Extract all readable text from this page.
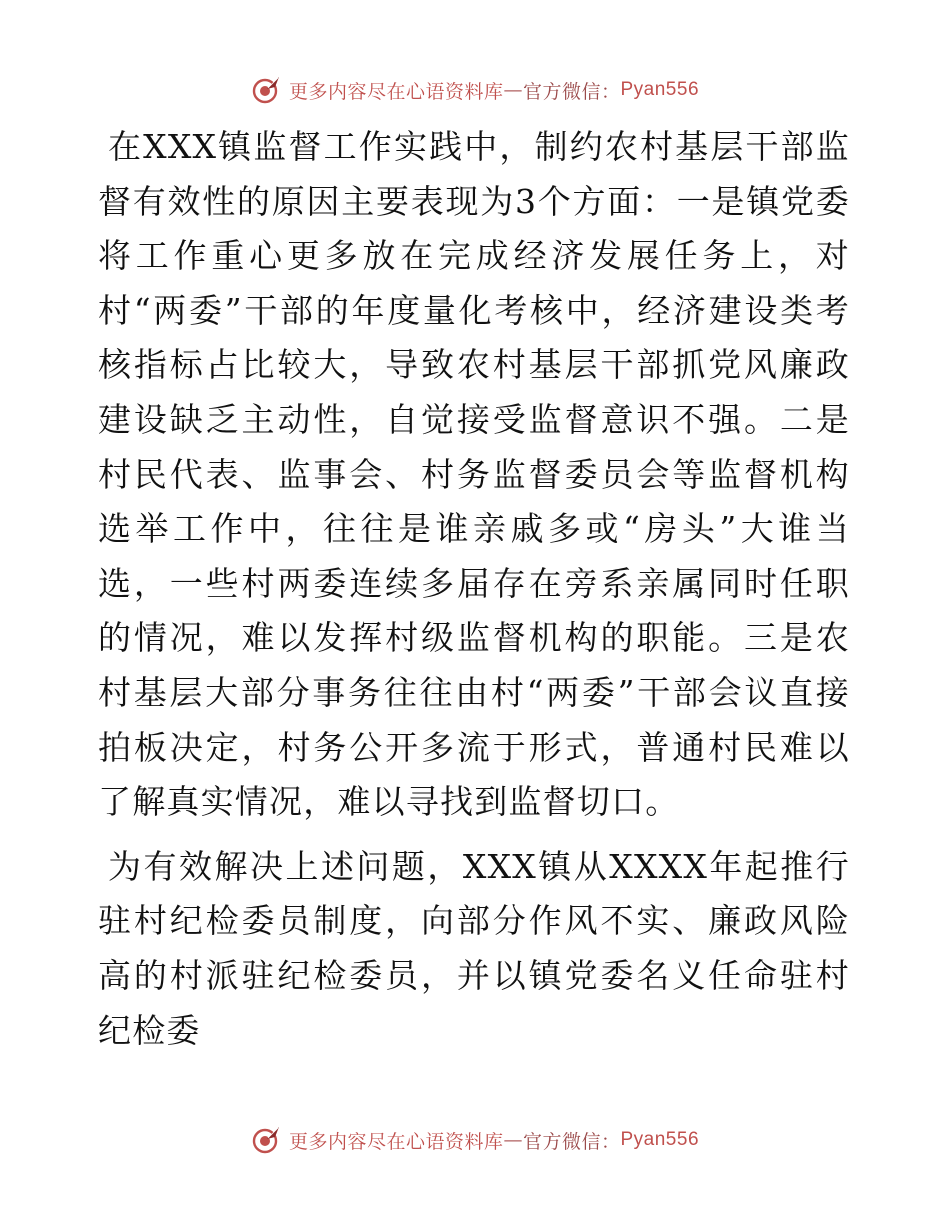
更多内容尽在心语资料库 — 官方微信： Pyan556

在XXX镇监督工作实践中，制约农村基层干部监督有效性的原因主要表现为3个方面：一是镇党委将工作重心更多放在完成经济发展任务上，对村“两委”干部的年度量化考核中，经济建设类考核指标占比较大，导致农村基层干部抓党风廉政建设缺乏主动性，自觉接受监督意识不强。二是村民代表、监事会、村务监督委员会等监督机构选举工作中，往往是谁亲戚多或“房头”大谁当选，一些村两委连续多届存在旁系亲属同时任职的情况，难以发挥村级监督机构的职能。三是农村基层大部分事务往往由村“两委”干部会议直接拍板决定，村务公开多流于形式，普通村民难以了解真实情况，难以寻找到监督切口。

为有效解决上述问题，XXX镇从XXXX年起推行驻村纪检委员制度，向部分作风不实、廉政风险高的村派驻纪检委员，并以镇党委名义任命驻村纪检委

更多内容尽在心语资料库 — 官方微信： Pyan556
